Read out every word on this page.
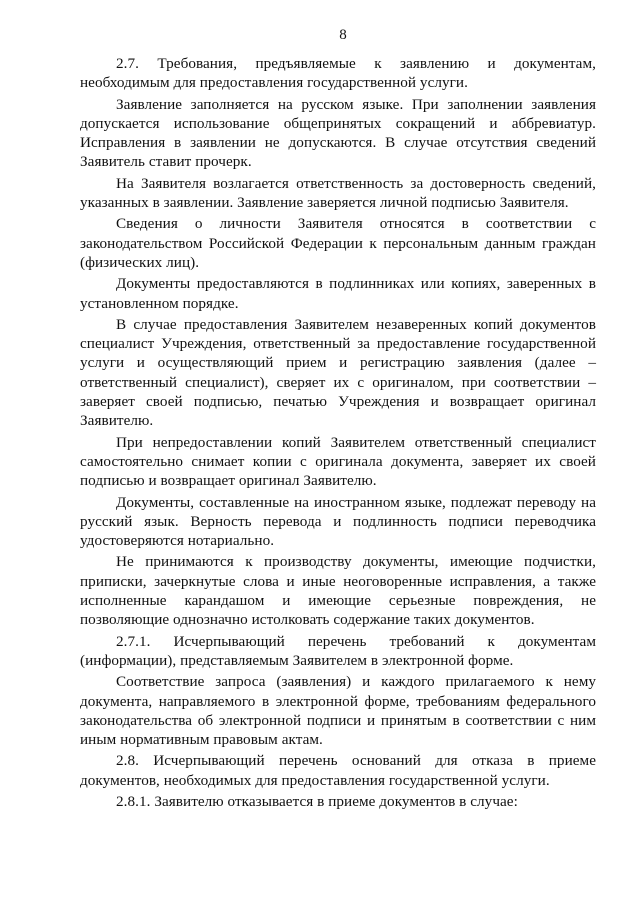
8

2.7. Требования, предъявляемые к заявлению и документам, необходимым для предоставления государственной услуги.

Заявление заполняется на русском языке. При заполнении заявления допускается использование общепринятых сокращений и аббревиатур. Исправления в заявлении не допускаются. В случае отсутствия сведений Заявитель ставит прочерк.

На Заявителя возлагается ответственность за достоверность сведений, указанных в заявлении. Заявление заверяется личной подписью Заявителя.

Сведения о личности Заявителя относятся в соответствии с законодательством Российской Федерации к персональным данным граждан (физических лиц).

Документы предоставляются в подлинниках или копиях, заверенных в установленном порядке.

В случае предоставления Заявителем незаверенных копий документов специалист Учреждения, ответственный за предоставление государственной услуги и осуществляющий прием и регистрацию заявления (далее – ответственный специалист), сверяет их с оригиналом, при соответствии – заверяет своей подписью, печатью Учреждения и возвращает оригинал Заявителю.

При непредоставлении копий Заявителем ответственный специалист самостоятельно снимает копии с оригинала документа, заверяет их своей подписью и возвращает оригинал Заявителю.

Документы, составленные на иностранном языке, подлежат переводу на русский язык. Верность перевода и подлинность подписи переводчика удостоверяются нотариально.

Не принимаются к производству документы, имеющие подчистки, приписки, зачеркнутые слова и иные неоговоренные исправления, а также исполненные карандашом и имеющие серьезные повреждения, не позволяющие однозначно истолковать содержание таких документов.

2.7.1. Исчерпывающий перечень требований к документам (информации), представляемым Заявителем в электронной форме.

Соответствие запроса (заявления) и каждого прилагаемого к нему документа, направляемого в электронной форме, требованиям федерального законодательства об электронной подписи и принятым в соответствии с ним иным нормативным правовым актам.

2.8. Исчерпывающий перечень оснований для отказа в приеме документов, необходимых для предоставления государственной услуги.

2.8.1. Заявителю отказывается в приеме документов в случае:
